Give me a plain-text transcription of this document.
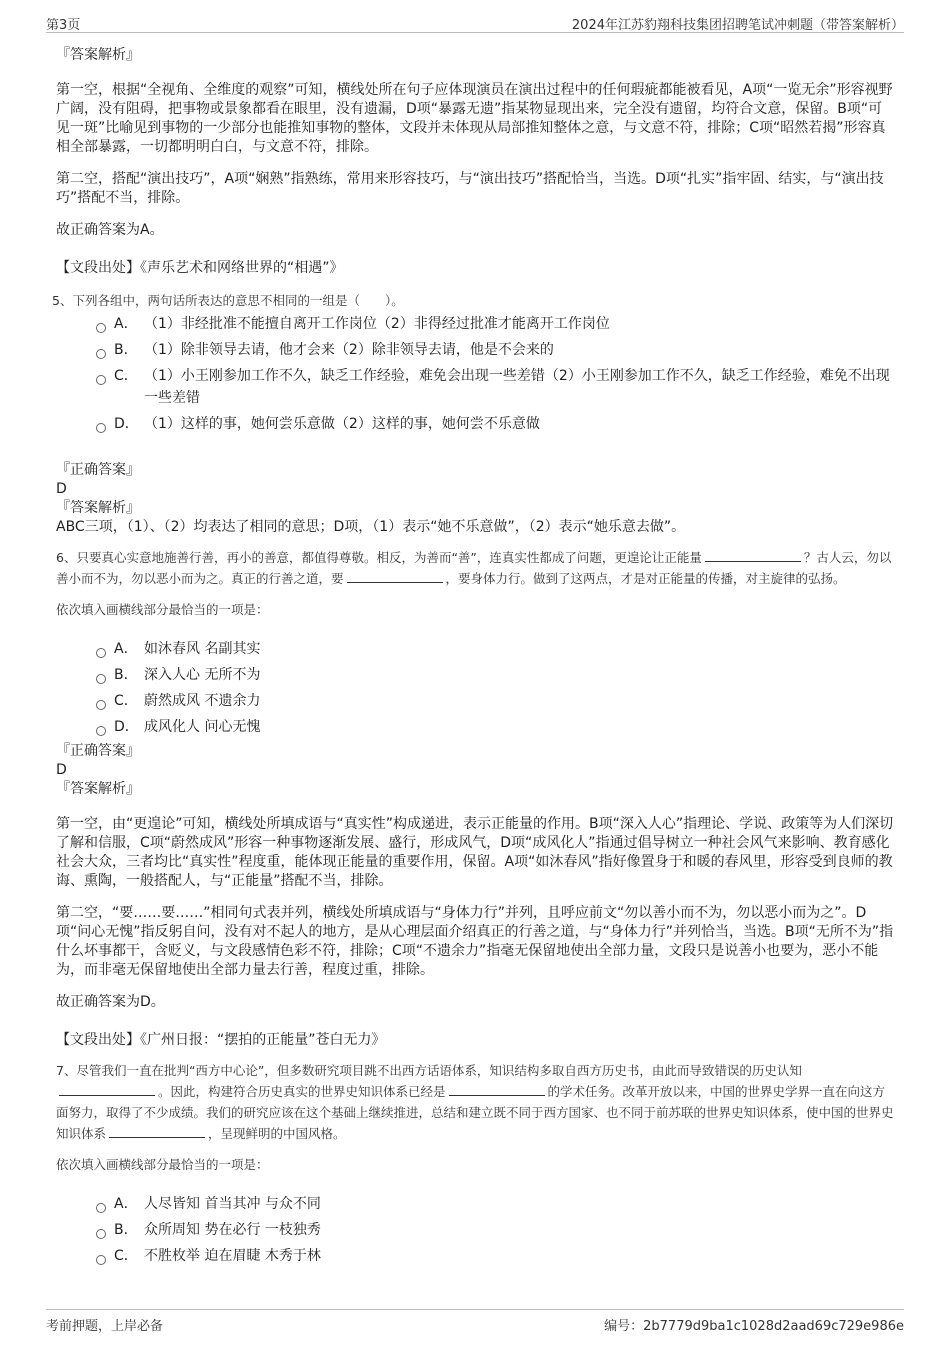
第3页	2024年江苏豹翔科技集团招聘笔试冲刺题（带答案解析）

『答案解析』

第一空，根据“全视角、全维度的观察”可知，横线处所在句子应体现演员在演出过程中的任何瑕疵都能被看见，A项“一览无余”形容视野广阔，没有阻碍，把事物或景象都看在眼里，没有遗漏，D项“暴露无遗”指某物显现出来，完全没有遗留，均符合文意，保留。B项“可见一斑”比喻见到事物的一少部分也能推知事物的整体，文段并未体现从局部推知整体之意，与文意不符，排除；C项“昭然若揭”形容真相全部暴露，一切都明明白白，与文意不符，排除。

第二空，搭配“演出技巧”，A项“娴熟”指熟练，常用来形容技巧，与“演出技巧”搭配恰当，当选。D项“扎实”指牢固、结实，与“演出技巧”搭配不当，排除。

故正确答案为A。

【文段出处】《声乐艺术和网络世界的“相遇”》

5、下列各组中，两句话所表达的意思不相同的一组是（　　）。

A． （1）非经批准不能擅自离开工作岗位（2）非得经过批准才能离开工作岗位
B． （1）除非领导去请，他才会来（2）除非领导去请，他是不会来的
C． （1）小王刚参加工作不久，缺乏工作经验，难免会出现一些差错（2）小王刚参加工作不久，缺乏工作经验，难免不出现一些差错
D． （1）这样的事，她何尝乐意做（2）这样的事，她何尝不乐意做

『正确答案』

D

『答案解析』

ABC三项，（1）、（2）均表达了相同的意思；D项，（1）表示“她不乐意做”，（2）表示“她乐意去做”。

6、只要真心实意地施善行善，再小的善意，都值得尊敬。相反，为善而“善”，连真实性都成了问题，更遑论让正能量	？古人云，勿以善小而不为，勿以恶小而为之。真正的行善之道，要	，要身体力行。做到了这两点，才是对正能量的传播，对主旋律的弘扬。

依次填入画横线部分最恰当的一项是：

A． 如沐春风 名副其实
B． 深入人心 无所不为
C． 蔚然成风 不遗余力
D． 成风化人 问心无愧

『正确答案』

D

『答案解析』

第一空，由“更遑论”可知，横线处所填成语与“真实性”构成递进，表示正能量的作用。B项“深入人心”指理论、学说、政策等为人们深切了解和信服，C项“蔚然成风”形容一种事物逐渐发展、盛行，形成风气，D项“成风化人”指通过倡导树立一种社会风气来影响、教育感化社会大众，三者均比“真实性”程度重，能体现正能量的重要作用，保留。A项“如沐春风”指好像置身于和暖的春风里，形容受到良师的教诲、熏陶，一般搭配人，与“正能量”搭配不当，排除。

第二空，“要……要……”相同句式表并列，横线处所填成语与“身体力行”并列，且呼应前文“勿以善小而不为，勿以恶小而为之”。D项“问心无愧”指反躬自问，没有对不起人的地方，是从心理层面介绍真正的行善之道，与“身体力行”并列恰当，当选。B项“无所不为”指什么坏事都干，含贬义，与文段感情色彩不符，排除；C项“不遗余力”指毫无保留地使出全部力量，文段只是说善小也要为，恶小不能为，而非毫无保留地使出全部力量去行善，程度过重，排除。

故正确答案为D。

【文段出处】《广州日报：“摆拍的正能量”苍白无力》

7、尽管我们一直在批判“西方中心论”，但多数研究项目跳不出西方话语体系，知识结构多取自西方历史书，由此而导致错误的历史认知。因此，构建符合历史真实的世界史知识体系已经是	的学术任务。改革开放以来，中国的世界史学界一直在向这方面努力，取得了不少成绩。我们的研究应该在这个基础上继续推进，总结和建立既不同于西方国家、也不同于前苏联的世界史知识体系，使中国的世界史知识体系	，呈现鲜明的中国风格。

依次填入画横线部分最恰当的一项是：

A． 人尽皆知 首当其冲 与众不同
B． 众所周知 势在必行 一枝独秀
C． 不胜枚举 迫在眉睫 木秀于林
考前押题，上岸必备	编号：2b7779d9ba1c1028d2aad69c729e986e
